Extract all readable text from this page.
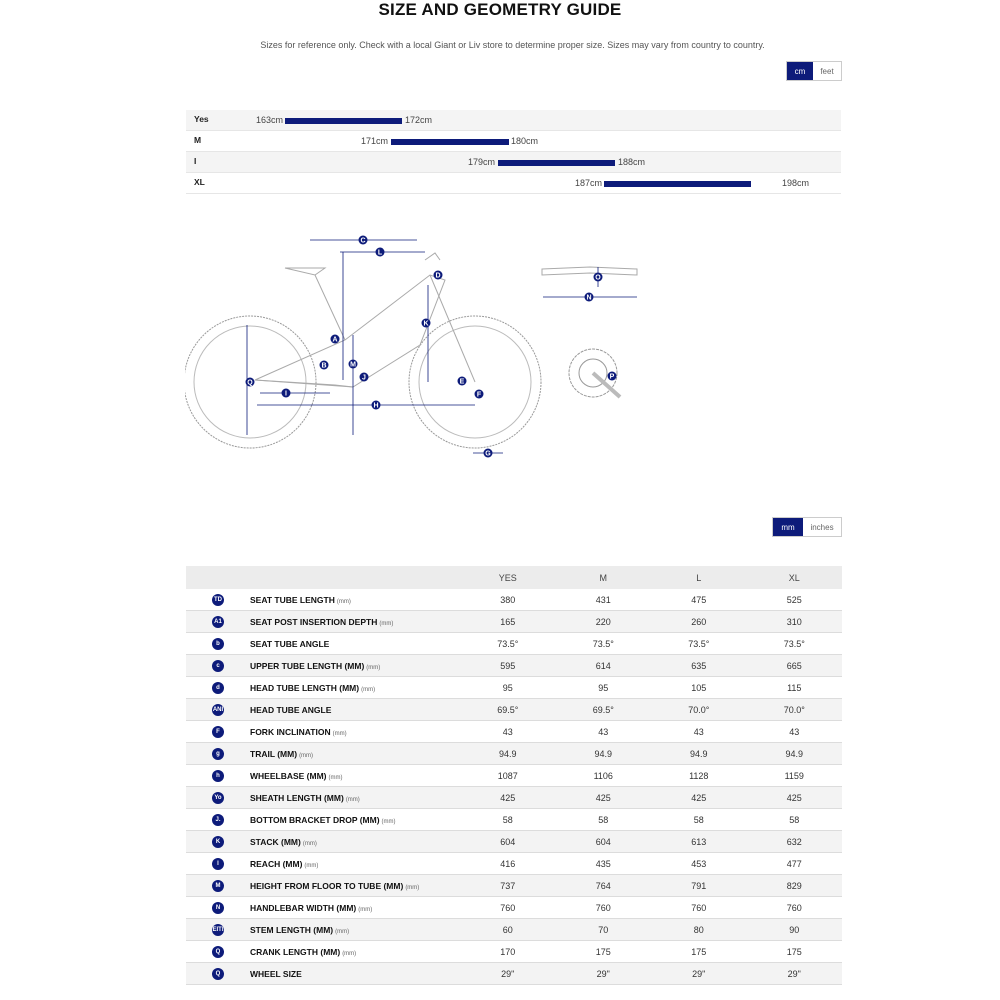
SIZE AND GEOMETRY GUIDE
Sizes for reference only. Check with a local Giant or Liv store to determine proper size. Sizes may vary from country to country.
cm	feet
Yes	163cm	172cm
M	171cm	180cm
I	179cm	188cm
XL	187cm	198cm
C
L
D	O
N
K
A
M
B
J
E
Q
I
H
F
G
P
mm	inches
		YES	M	L	XL
TD	SEAT TUBE LENGTH (mm)	380	431	475	525
A1	SEAT POST INSERTION DEPTH (mm)	165	220	260	310
b	SEAT TUBE ANGLE	73.5°	73.5°	73.5°	73.5°
c	UPPER TUBE LENGTH (MM) (mm)	595	614	635	665
d	HEAD TUBE LENGTH (MM) (mm)	95	95	105	115
ANI	HEAD TUBE ANGLE	69.5°	69.5°	70.0°	70.0°
F	FORK INCLINATION (mm)	43	43	43	43
g	TRAIL (MM) (mm)	94.9	94.9	94.9	94.9
h	WHEELBASE (MM) (mm)	1087	1106	1128	1159
Yo	SHEATH LENGTH (MM) (mm)	425	425	425	425
J.	BOTTOM BRACKET DROP (MM) (mm)	58	58	58	58
K	STACK (MM) (mm)	604	604	613	632
I	REACH (MM) (mm)	416	435	453	477
M	HEIGHT FROM FLOOR TO TUBE (MM) (mm)	737	764	791	829
N	HANDLEBAR WIDTH (MM) (mm)	760	760	760	760
EITI	STEM LENGTH (MM) (mm)	60	70	80	90
Q	CRANK LENGTH (MM) (mm)	170	175	175	175
Q	WHEEL SIZE	29"	29"	29"	29"
